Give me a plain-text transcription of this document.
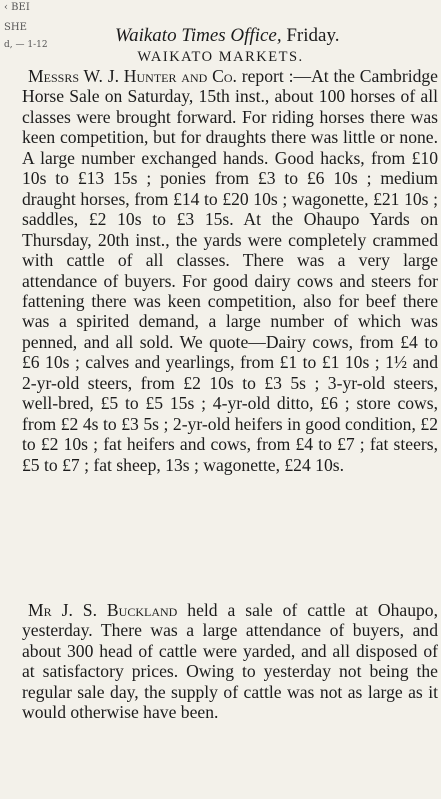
‹ BEI
SHE
d, — 1-12	Waikato Times Office, Friday.
WAIKATO MARKETS.

Messrs W. J. Hunter and Co. report :—At the Cambridge Horse Sale on Saturday, 15th inst., about 100 horses of all classes were brought forward. For riding horses there was keen competition, but for draughts there was little or none. A large number exchanged hands. Good hacks, from £10 10s to £13 15s ; ponies from £3 to £6 10s ; medium draught horses, from £14 to £20 10s ; wagonette, £21 10s ; saddles, £2 10s to £3 15s. At the Ohaupo Yards on Thursday, 20th inst., the yards were completely crammed with cattle of all classes. There was a very large attendance of buyers. For good dairy cows and steers for fattening there was keen competition, also for beef there was a spirited demand, a large number of which was penned, and all sold. We quote—Dairy cows, from £4 to £6 10s ; calves and yearlings, from £1 to £1 10s ; 1½ and 2-yr-old steers, from £2 10s to £3 5s ; 3-yr-old steers, well-bred, £5 to £5 15s ; 4-yr-old ditto, £6 ; store cows, from £2 4s to £3 5s ; 2-yr-old heifers in good condition, £2 to £2 10s ; fat heifers and cows, from £4 to £7 ; fat steers, £5 to £7 ; fat sheep, 13s ; wagonette, £24 10s.

Mr J. S. Buckland held a sale of cattle at Ohaupo, yesterday. There was a large attendance of buyers, and about 300 head of cattle were yarded, and all disposed of at satisfactory prices. Owing to yesterday not being the regular sale day, the supply of cattle was not as large as it would otherwise have been.
